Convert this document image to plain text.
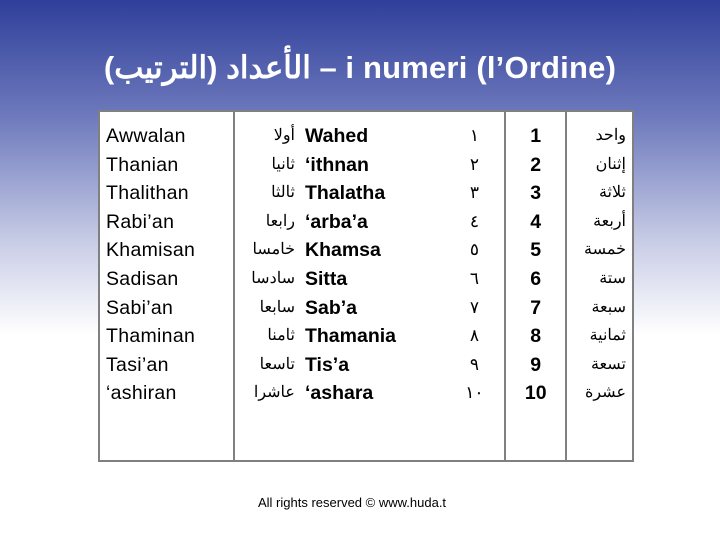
(الترتيب) الأعداد – i numeri (l’Ordine)
Awwalan
Thanian
Thalithan
Rabi’an
Khamisan
Sadisan
Sabi’an
Thaminan
Tasi’an
‘ashiran
أولا
ثانيا
ثالثا
رابعا
خامسا
سادسا
سابعا
ثامنا
تاسعا
عاشرا
Wahed
‘ithnan
Thalatha
‘arba’a
Khamsa
Sitta
Sab’a
Thamania
Tis’a
‘ashara
١
٢
٣
٤
٥
٦
٧
٨
٩
١٠
1
2
3
4
5
6
7
8
9
10
واحد
إثنان
ثلاثة
أربعة
خمسة
ستة
سبعة
ثمانية
تسعة
عشرة
All rights reserved © www.huda.t
